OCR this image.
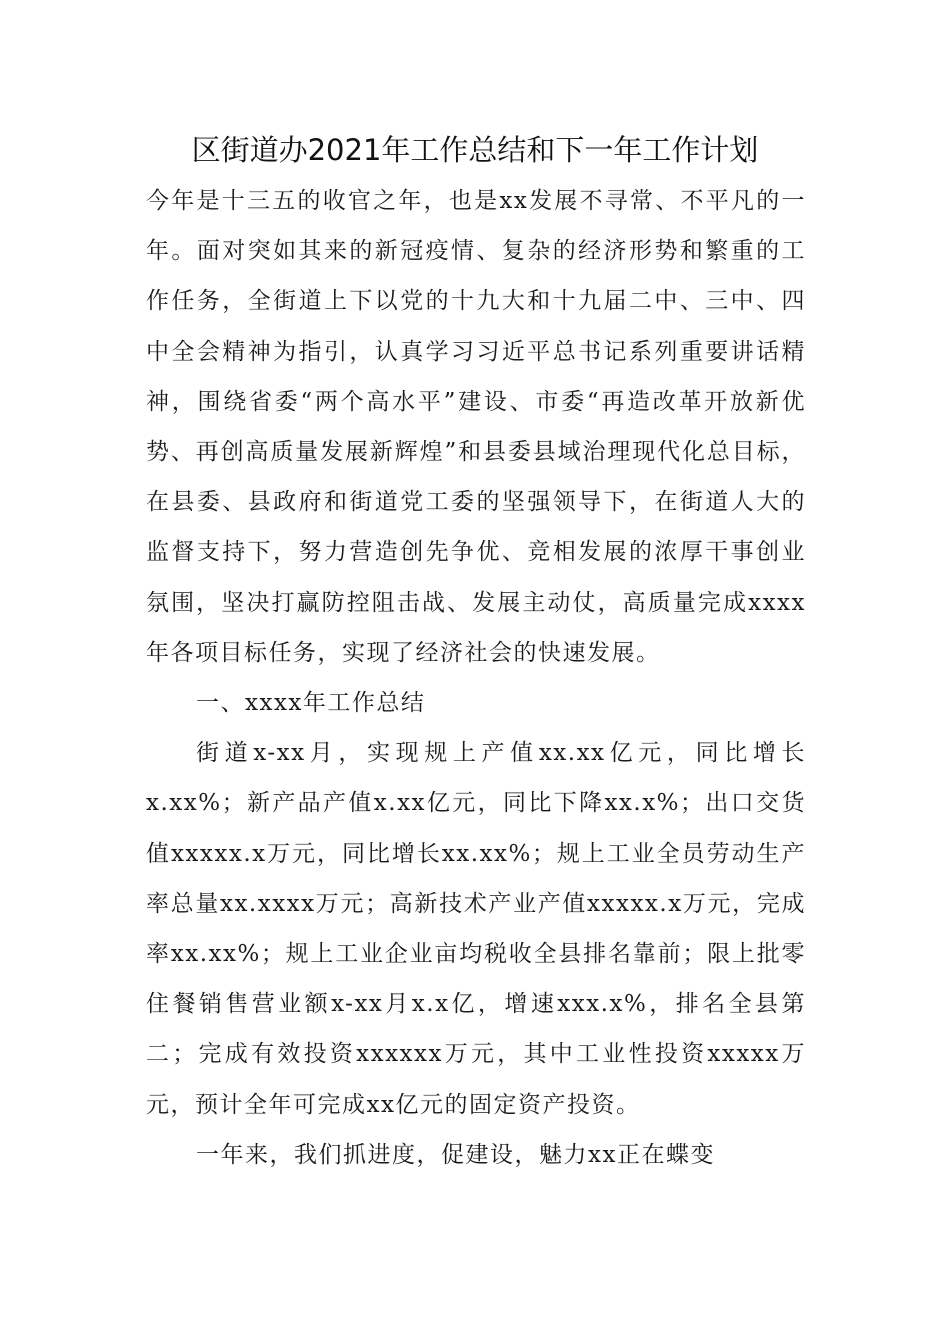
区街道办2021年工作总结和下一年工作计划

今年是十三五的收官之年，也是xx发展不寻常、不平凡的一年。面对突如其来的新冠疫情、复杂的经济形势和繁重的工作任务，全街道上下以党的十九大和十九届二中、三中、四中全会精神为指引，认真学习习近平总书记系列重要讲话精神，围绕省委“两个高水平”建设、市委“再造改革开放新优势、再创高质量发展新辉煌”和县委县域治理现代化总目标，在县委、县政府和街道党工委的坚强领导下，在街道人大的监督支持下，努力营造创先争优、竞相发展的浓厚干事创业氛围，坚决打赢防控阻击战、发展主动仗，高质量完成xxxx年各项目标任务，实现了经济社会的快速发展。

一、xxxx年工作总结

街道x-xx月，实现规上产值xx.xx亿元，同比增长x.xx%；新产品产值x.xx亿元，同比下降xx.x%；出口交货值xxxxx.x万元，同比增长xx.xx%；规上工业全员劳动生产率总量xx.xxxx万元；高新技术产业产值xxxxx.x万元，完成率xx.xx%；规上工业企业亩均税收全县排名靠前；限上批零住餐销售营业额x-xx月x.x亿，增速xxx.x%，排名全县第二；完成有效投资xxxxxx万元，其中工业性投资xxxxx万元，预计全年可完成xx亿元的固定资产投资。

一年来，我们抓进度，促建设，魅力xx正在蝶变
